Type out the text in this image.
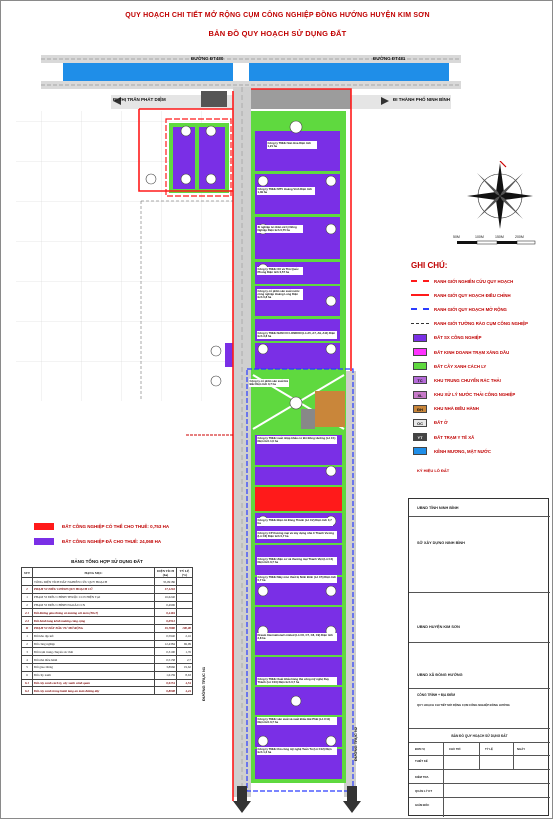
QUY HOẠCH CHI TIẾT MỞ RỘNG CỤM CÔNG NGHIỆP ĐỒNG HƯỚNG HUYỆN KIM SƠN
BẢN ĐỒ QUY HOẠCH SỬ DỤNG ĐẤT
ĐƯỜNG ĐT480	ĐƯỜNG ĐT481
ĐI THỊ TRẤN PHÁT DIỆM	ĐI THÀNH PHỐ NINH BÌNH
ĐƯỜNG TRỤC N1
ĐƯỜNG TRỤC N2
Công ty TNHH Sản Hòa Diện tích 1,21 ha
Công ty TNHH MTV Hoàng Vinh Diện tích 1,49 ha
Xí nghiệp tư nhân xử lý Nông Nghiệp Diện tích 0,75 ha
Công ty TNHH XX và Thủ Quốc Phong Diện tích 0,57 ha
Công ty cổ phần sản xuất nước công nghiệp Hoàng Long Diện tích 0,8 ha
Công ty TNHH NAM CO LONDON (Lô A5, A7, A9, A11) Diện tích 3,8 ha
Công ty cổ phần sản xuất Hà Bắc Diện tích 0,7 ha
Công ty TNHH xuất nhập khẩu cơ khí Đông Hướng (Lô C1) Diện tích 1,0 ha
Công ty TNHH Điện tử Đông Thành (Lô C2) Diện tích 0,7 ha
Công ty CP thương mại và xây dựng nhà ở Thanh Vương (Lô C3) Diện tích 0,7 ha
Công ty TNHH điện cơ và thương mại Thanh Việt (Lô C4) Diện tích 0,7 ha
Công ty TNHH Máy móc thiết bị Ninh Bình (Lô C5) Diện tích 0,7 ha
Dream International Limited (Lô C6, C7, C8, C9) Diện tích 2,8 ha
Công ty TNHH Xuất khẩu hàng thủ công mỹ nghệ Duy Thành (Lô C10) Diện tích 0,7 ha
Công ty TNHH sản xuất và xuất khẩu Hải Phát (Lô C11) Diện tích 0,7 ha
Công ty TNHH thủ công mỹ nghệ Tuấn Tú (Lô C12) Diện tích 1,2 ha
50M	100M	150M	200M
GHI CHÚ:
RANH GIỚI NGHIÊN CỨU QUY HOẠCH
RANH GIỚI QUY HOẠCH ĐIỀU CHỈNH
RANH GIỚI QUY HOẠCH MỞ RỘNG
RANH GIỚI TƯỜNG RÀO CỤM CÔNG NGHIỆP
ĐẤT SX CÔNG NGHIỆP
ĐẤT KINH DOANH TRẠM XĂNG DẦU
ĐẤT CÂY XANH CÁCH LY
TC	KHU TRUNG CHUYỂN RÁC THẢI
XL	KHU XỬ LÝ NƯỚC THẢI CÔNG NGHIỆP
ĐH	KHU NHÀ ĐIỀU HÀNH
OC	ĐẤT Ở
YT	ĐẤT TRẠM Y TẾ XÃ
KÊNH MƯƠNG, MẶT NƯỚC
KÝ HIỆU LÔ ĐẤT
ĐẤT CÔNG NGHIỆP CÓ THỂ CHO THUÊ: 0,753 HA
ĐẤT CÔNG NGHIỆP ĐÃ CHO THUÊ: 24,068 HA
BẢNG TỔNG HỢP SỬ DỤNG ĐẤT
STT	HẠNG MỤC	DIỆN TÍCH (ha)	TỶ LỆ (%)
	TỔNG DIỆN TÍCH ĐẤT NGHIÊN CỨU QUY HOẠCH	35,09186	
I	PHẠM VI ĐIỀU CHỈNH QUY HOẠCH CŨ	17,1216	
1	PHẠM VI ĐIỀU CHỈNH THUỘC CCN HIỆN TẠI	16,6240	
2	PHẠM VI ĐIỀU CHỈNH NGOÀI CCN	0,4996	
2.1	Đất đường giao thông và mương xói mòn (ĐGT)	0,4484	
2.2	Đất hành lang kênh mương công cộng	0,0512	
II	PHẠM VI ĐẤT ĐẦU TƯ MỞ RỘNG	19,7680	100,00
1	Đất kho tập kết	0,5940	2,16
2	Đất công nghiệp	12,4384	69,99
3	Đất trạm trung chuyển rác thải	0,3100	1,76
4	Đất nhà điều hành	0,5158	2,7
5	Đất giao thông	3,8966	19,62
6	Đất cây xanh	1,6159	8,63
6.1	Đất cây xanh cách ly, cây xanh cảnh quan	0,9154	4,54
6.2	Đất cây xanh trong hành lang an toàn đường dây	0,8008	4,24
UBND TỈNH NINH BÌNH
SỞ XÂY DỰNG NINH BÌNH
UBND HUYỆN KIM SƠN
UBND XÃ ĐỒNG HƯỚNG
CÔNG TRÌNH + ĐỊA ĐIỂM
QUY HOẠCH CHI TIẾT MỞ RỘNG CỤM CÔNG NGHIỆP ĐỒNG HƯỚNG
BẢN ĐỒ QUY HOẠCH SỬ DỤNG ĐẤT
ĐƠN VỊ	CHỦ TRÌ	TỶ LỆ	NGÀY
THIẾT KẾ
KIỂM TRA
QUẢN LÝ KT
GIÁM ĐỐC
